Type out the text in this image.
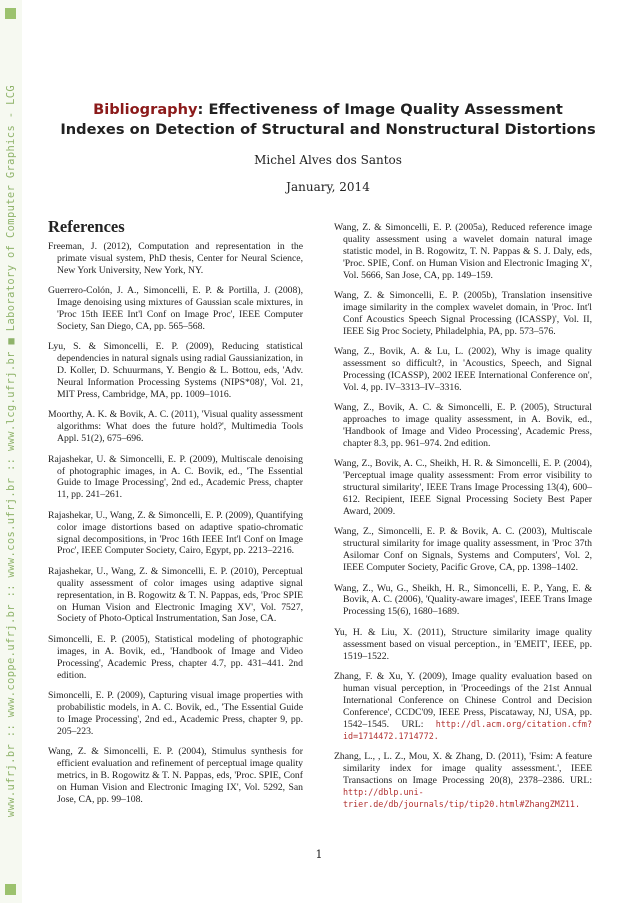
www.ufrj.br :: www.coppe.ufrj.br :: www.cos.ufrj.br :: www.lcg.ufrj.br ■ Laboratory of Computer Graphics - LCG	Bibliography: Effectiveness of Image Quality Assessment Indexes on Detection of Structural and Nonstructural Distortions
Michel Alves dos Santos
January, 2014
References

Freeman, J. (2012), Computation and representation in the primate visual system, PhD thesis, Center for Neural Science, New York University, New York, NY.

Guerrero-Colón, J. A., Simoncelli, E. P. & Portilla, J. (2008), Image denoising using mixtures of Gaussian scale mixtures, in 'Proc 15th IEEE Int'l Conf on Image Proc', IEEE Computer Society, San Diego, CA, pp. 565–568.

Lyu, S. & Simoncelli, E. P. (2009), Reducing statistical dependencies in natural signals using radial Gaussianization, in D. Koller, D. Schuurmans, Y. Bengio & L. Bottou, eds, 'Adv. Neural Information Processing Systems (NIPS*08)', Vol. 21, MIT Press, Cambridge, MA, pp. 1009–1016.

Moorthy, A. K. & Bovik, A. C. (2011), 'Visual quality assessment algorithms: What does the future hold?', Multimedia Tools Appl. 51(2), 675–696.

Rajashekar, U. & Simoncelli, E. P. (2009), Multiscale denoising of photographic images, in A. C. Bovik, ed., 'The Essential Guide to Image Processing', 2nd ed., Academic Press, chapter 11, pp. 241–261.

Rajashekar, U., Wang, Z. & Simoncelli, E. P. (2009), Quantifying color image distortions based on adaptive spatio-chromatic signal decompositions, in 'Proc 16th IEEE Int'l Conf on Image Proc', IEEE Computer Society, Cairo, Egypt, pp. 2213–2216.

Rajashekar, U., Wang, Z. & Simoncelli, E. P. (2010), Perceptual quality assessment of color images using adaptive signal representation, in B. Rogowitz & T. N. Pappas, eds, 'Proc SPIE on Human Vision and Electronic Imaging XV', Vol. 7527, Society of Photo-Optical Instrumentation, San Jose, CA.

Simoncelli, E. P. (2005), Statistical modeling of photographic images, in A. Bovik, ed., 'Handbook of Image and Video Processing', Academic Press, chapter 4.7, pp. 431–441. 2nd edition.

Simoncelli, E. P. (2009), Capturing visual image properties with probabilistic models, in A. C. Bovik, ed., 'The Essential Guide to Image Processing', 2nd ed., Academic Press, chapter 9, pp. 205–223.

Wang, Z. & Simoncelli, E. P. (2004), Stimulus synthesis for efficient evaluation and refinement of perceptual image quality metrics, in B. Rogowitz & T. N. Pappas, eds, 'Proc. SPIE, Conf on Human Vision and Electronic Imaging IX', Vol. 5292, San Jose, CA, pp. 99–108.

Wang, Z. & Simoncelli, E. P. (2005a), Reduced reference image quality assessment using a wavelet domain natural image statistic model, in B. Rogowitz, T. N. Pappas & S. J. Daly, eds, 'Proc. SPIE, Conf. on Human Vision and Electronic Imaging X', Vol. 5666, San Jose, CA, pp. 149–159.

Wang, Z. & Simoncelli, E. P. (2005b), Translation insensitive image similarity in the complex wavelet domain, in 'Proc. Int'l Conf Acoustics Speech Signal Processing (ICASSP)', Vol. II, IEEE Sig Proc Society, Philadelphia, PA, pp. 573–576.

Wang, Z., Bovik, A. & Lu, L. (2002), Why is image quality assessment so difficult?, in 'Acoustics, Speech, and Signal Processing (ICASSP), 2002 IEEE International Conference on', Vol. 4, pp. IV–3313–IV–3316.

Wang, Z., Bovik, A. C. & Simoncelli, E. P. (2005), Structural approaches to image quality assessment, in A. Bovik, ed., 'Handbook of Image and Video Processing', Academic Press, chapter 8.3, pp. 961–974. 2nd edition.

Wang, Z., Bovik, A. C., Sheikh, H. R. & Simoncelli, E. P. (2004), 'Perceptual image quality assessment: From error visibility to structural similarity', IEEE Trans Image Processing 13(4), 600–612. Recipient, IEEE Signal Processing Society Best Paper Award, 2009.

Wang, Z., Simoncelli, E. P. & Bovik, A. C. (2003), Multiscale structural similarity for image quality assessment, in 'Proc 37th Asilomar Conf on Signals, Systems and Computers', Vol. 2, IEEE Computer Society, Pacific Grove, CA, pp. 1398–1402.

Wang, Z., Wu, G., Sheikh, H. R., Simoncelli, E. P., Yang, E. & Bovik, A. C. (2006), 'Quality-aware images', IEEE Trans Image Processing 15(6), 1680–1689.

Yu, H. & Liu, X. (2011), Structure similarity image quality assessment based on visual perception., in 'EMEIT', IEEE, pp. 1519–1522.

Zhang, F. & Xu, Y. (2009), Image quality evaluation based on human visual perception, in 'Proceedings of the 21st Annual International Conference on Chinese Control and Decision Conference', CCDC'09, IEEE Press, Piscataway, NJ, USA, pp. 1542–1545. URL: http://dl.acm.org/citation.cfm?id=1714472.1714772.

Zhang, L., , L. Z., Mou, X. & Zhang, D. (2011), 'Fsim: A feature similarity index for image quality assessment.', IEEE Transactions on Image Processing 20(8), 2378–2386. URL: http://dblp.uni-trier.de/db/journals/tip/tip20.html#ZhangZMZ11.

1
